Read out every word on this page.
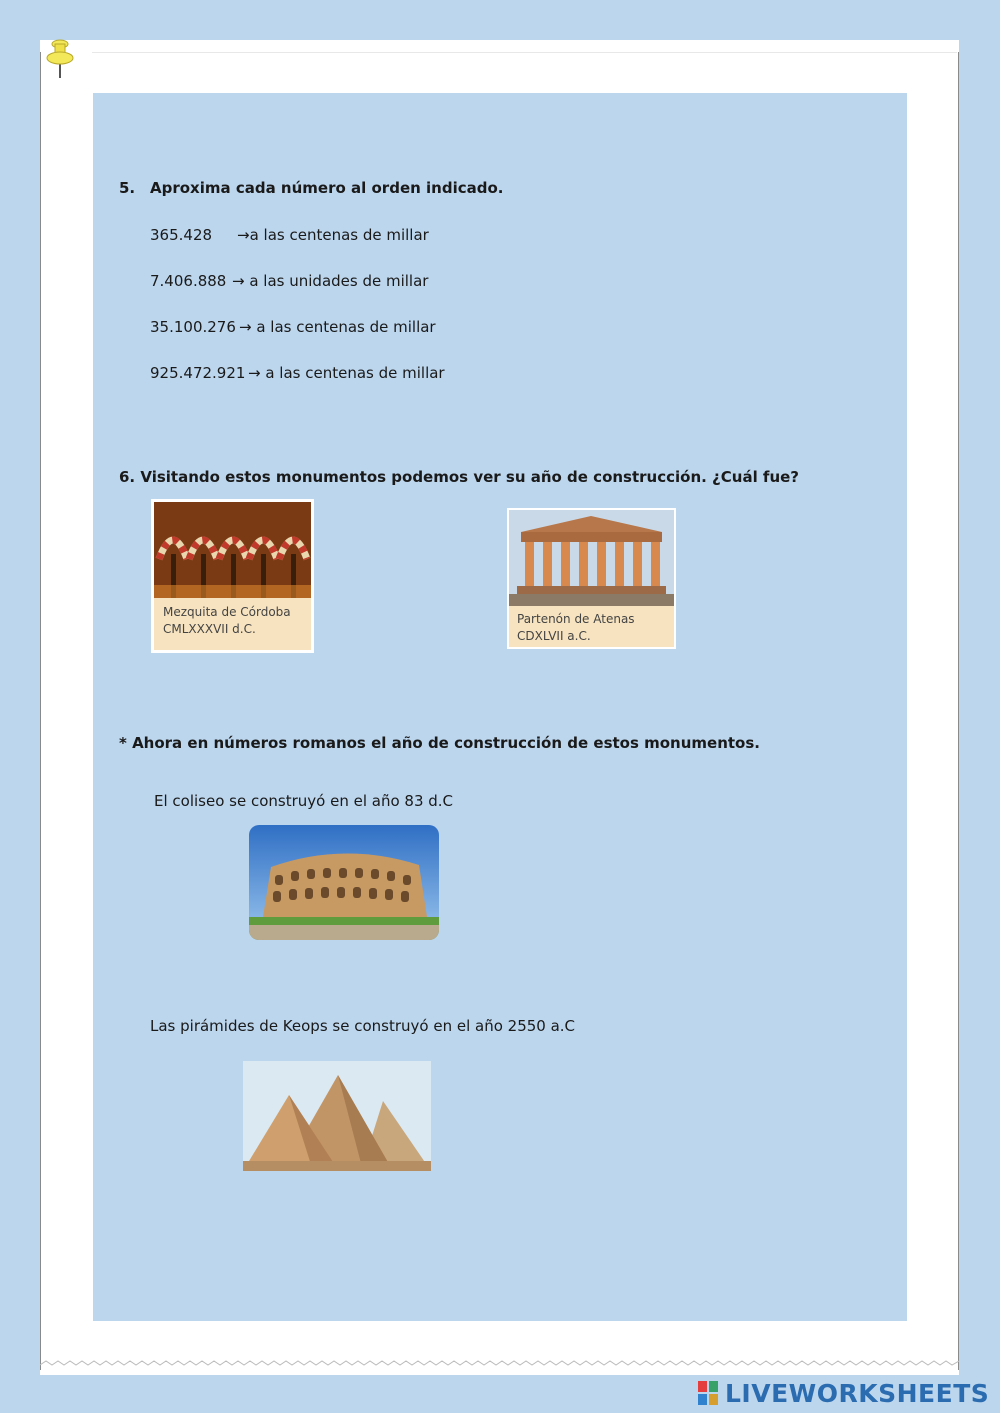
5. Aproxima cada número al orden indicado.
365.428 →a las centenas de millar
7.406.888 → a las unidades de millar
35.100.276 → a las centenas de millar
925.472.921 → a las centenas de millar
6. Visitando estos monumentos podemos ver su año de construcción. ¿Cuál fue?
Mezquita de Córdoba
CMLXXXVII d.C.
Partenón de Atenas
CDXLVII a.C.
* Ahora en números romanos el año de construcción de estos monumentos.
El coliseo se construyó en el año 83 d.C
Las pirámides de Keops se construyó en el año 2550 a.C
LIVEWORKSHEETS
